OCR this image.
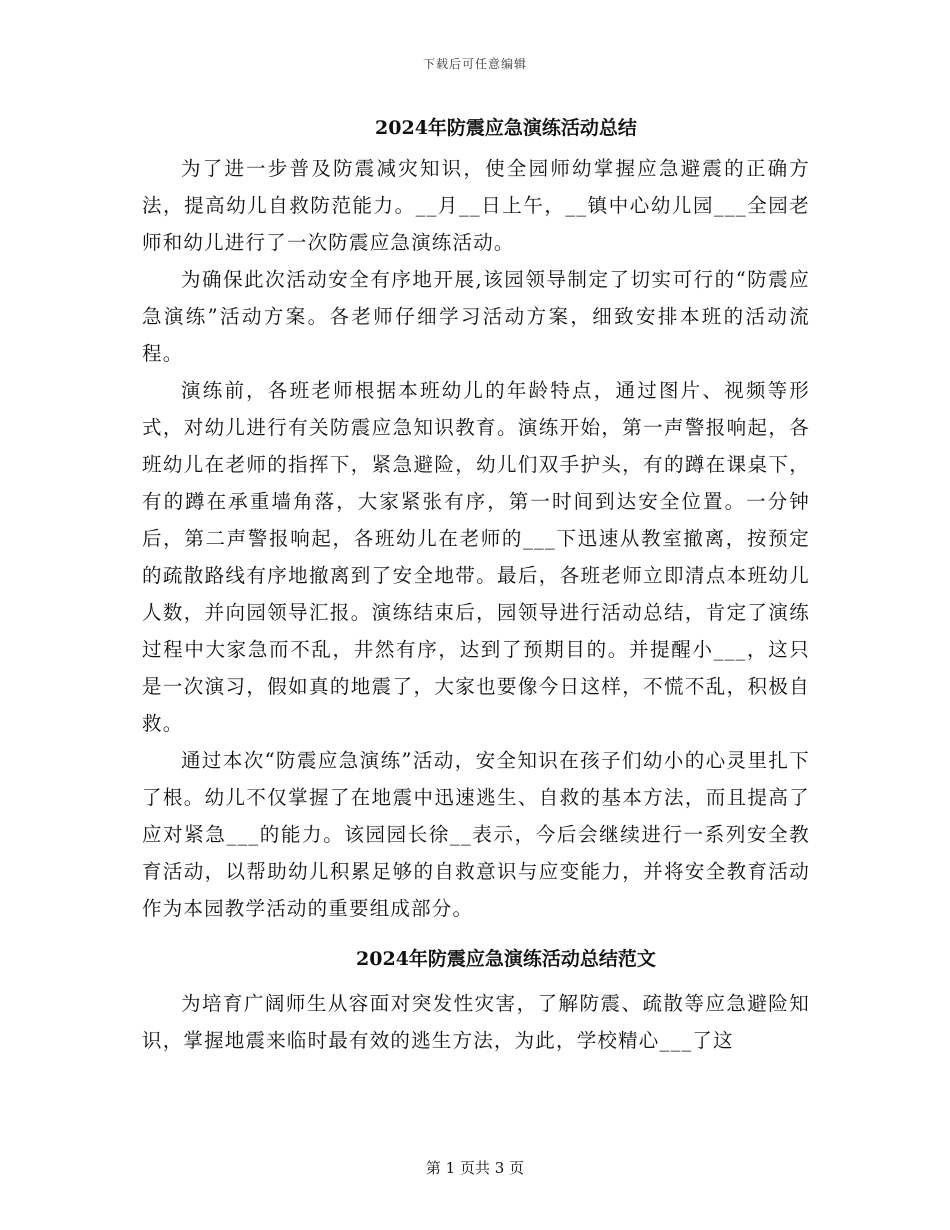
下载后可任意编辑
2024年防震应急演练活动总结

为了进一步普及防震减灾知识，使全园师幼掌握应急避震的正确方法，提高幼儿自救防范能力。__月__日上午，__镇中心幼儿园___全园老师和幼儿进行了一次防震应急演练活动。

为确保此次活动安全有序地开展,该园领导制定了切实可行的“防震应急演练”活动方案。各老师仔细学习活动方案，细致安排本班的活动流程。

演练前，各班老师根据本班幼儿的年龄特点，通过图片、视频等形式，对幼儿进行有关防震应急知识教育。演练开始，第一声警报响起，各班幼儿在老师的指挥下，紧急避险，幼儿们双手护头，有的蹲在课桌下，有的蹲在承重墙角落，大家紧张有序，第一时间到达安全位置。一分钟后，第二声警报响起，各班幼儿在老师的___下迅速从教室撤离，按预定的疏散路线有序地撤离到了安全地带。最后，各班老师立即清点本班幼儿人数，并向园领导汇报。演练结束后，园领导进行活动总结，肯定了演练过程中大家急而不乱，井然有序，达到了预期目的。并提醒小___，这只是一次演习，假如真的地震了，大家也要像今日这样，不慌不乱，积极自救。

通过本次“防震应急演练”活动，安全知识在孩子们幼小的心灵里扎下了根。幼儿不仅掌握了在地震中迅速逃生、自救的基本方法，而且提高了应对紧急___的能力。该园园长徐__表示，今后会继续进行一系列安全教育活动，以帮助幼儿积累足够的自救意识与应变能力，并将安全教育活动作为本园教学活动的重要组成部分。

2024年防震应急演练活动总结范文

为培育广阔师生从容面对突发性灾害，了解防震、疏散等应急避险知识，掌握地震来临时最有效的逃生方法，为此，学校精心___了这

第 1 页共 3 页
